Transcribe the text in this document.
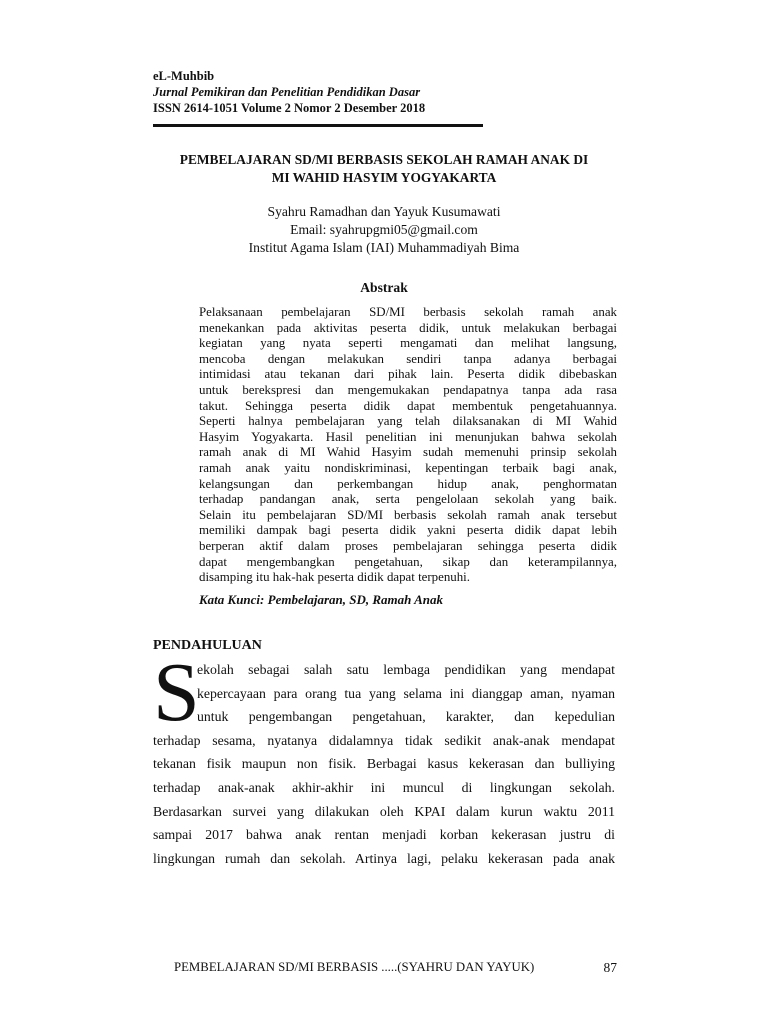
eL-Muhbib
Jurnal Pemikiran dan Penelitian Pendidikan Dasar
ISSN 2614-1051 Volume 2 Nomor 2 Desember 2018
PEMBELAJARAN SD/MI BERBASIS SEKOLAH RAMAH ANAK DI
MI WAHID HASYIM YOGYAKARTA
Syahru Ramadhan dan Yayuk Kusumawati
Email: syahrupgmi05@gmail.com
Institut Agama Islam (IAI) Muhammadiyah Bima
Abstrak
Pelaksanaan pembelajaran SD/MI berbasis sekolah ramah anak
menekankan pada aktivitas peserta didik, untuk melakukan berbagai
kegiatan yang nyata seperti mengamati dan melihat langsung,
mencoba dengan melakukan sendiri tanpa adanya berbagai
intimidasi atau tekanan dari pihak lain. Peserta didik dibebaskan
untuk berekspresi dan mengemukakan pendapatnya tanpa ada rasa
takut. Sehingga peserta didik dapat membentuk pengetahuannya.
Seperti halnya pembelajaran yang telah dilaksanakan di MI Wahid
Hasyim Yogyakarta. Hasil penelitian ini menunjukan bahwa sekolah
ramah anak di MI Wahid Hasyim sudah memenuhi prinsip sekolah
ramah anak yaitu nondiskriminasi, kepentingan terbaik bagi anak,
kelangsungan dan perkembangan hidup anak, penghormatan
terhadap pandangan anak, serta pengelolaan sekolah yang baik.
Selain itu pembelajaran SD/MI berbasis sekolah ramah anak tersebut
memiliki dampak bagi peserta didik yakni peserta didik dapat lebih
berperan aktif dalam proses pembelajaran sehingga peserta didik
dapat mengembangkan pengetahuan, sikap dan keterampilannya,
disamping itu hak-hak peserta didik dapat terpenuhi.
Kata Kunci: Pembelajaran, SD, Ramah Anak
PENDAHULUAN
S
ekolah sebagai salah satu lembaga pendidikan yang mendapat
kepercayaan para orang tua yang selama ini dianggap aman, nyaman
untuk pengembangan pengetahuan, karakter, dan kepedulian
terhadap sesama, nyatanya didalamnya tidak sedikit anak-anak mendapat
tekanan fisik maupun non fisik. Berbagai kasus kekerasan dan bulliying
terhadap anak-anak akhir-akhir ini muncul di lingkungan sekolah.
Berdasarkan survei yang dilakukan oleh KPAI dalam kurun waktu 2011
sampai 2017 bahwa anak rentan menjadi korban kekerasan justru di
lingkungan rumah dan sekolah. Artinya lagi, pelaku kekerasan pada anak
PEMBELAJARAN SD/MI BERBASIS .....(SYAHRU DAN YAYUK)	87
